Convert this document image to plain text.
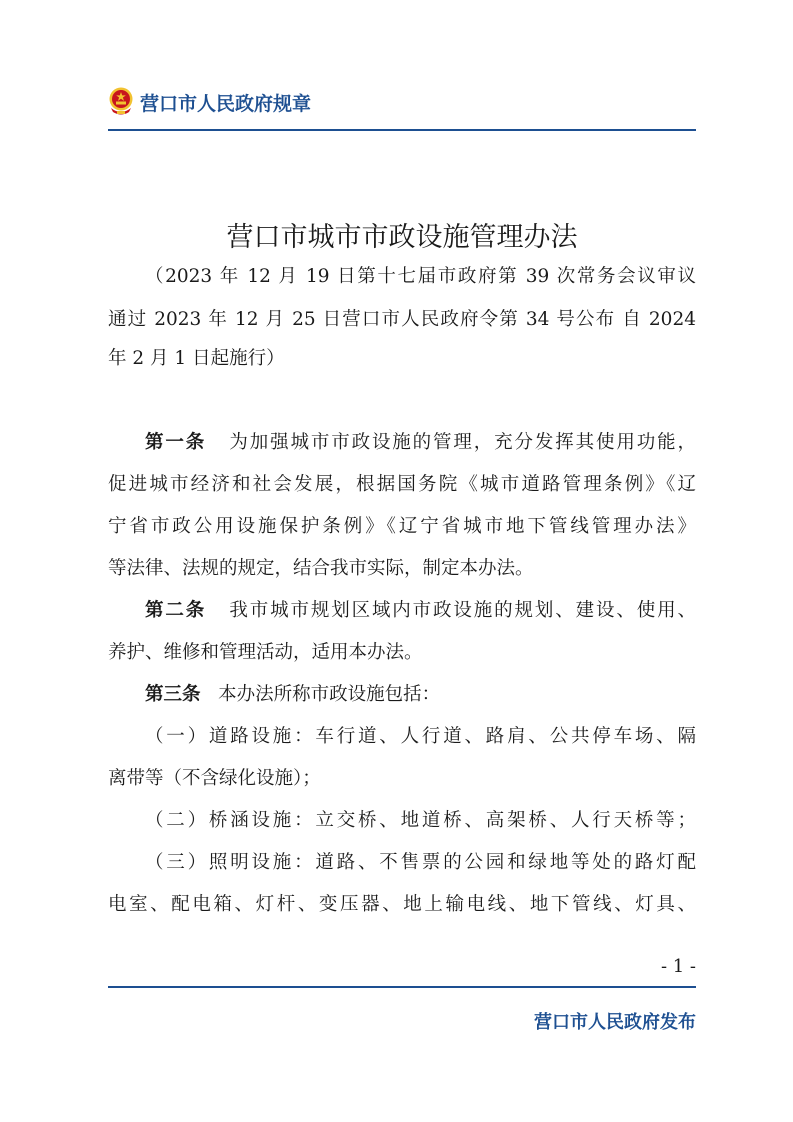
营口市人民政府规章
营口市城市市政设施管理办法
（2023 年 12 月 19 日第十七届市政府第 39 次常务会议审议
通过 2023 年 12 月 25 日营口市人民政府令第 34 号公布 自 2024
年 2 月 1 日起施行）
第一条 为加强城市市政设施的管理，充分发挥其使用功能，
促进城市经济和社会发展，根据国务院《城市道路管理条例》《辽
宁省市政公用设施保护条例》《辽宁省城市地下管线管理办法》
等法律、法规的规定，结合我市实际，制定本办法。
第二条 我市城市规划区域内市政设施的规划、建设、使用、
养护、维修和管理活动，适用本办法。
第三条 本办法所称市政设施包括：
（一）道路设施：车行道、人行道、路肩、公共停车场、隔
离带等（不含绿化设施）；
（二）桥涵设施：立交桥、地道桥、高架桥、人行天桥等；
（三）照明设施：道路、不售票的公园和绿地等处的路灯配
电室、配电箱、灯杆、变压器、地上输电线、地下管线、灯具、
- 1 -
营口市人民政府发布
